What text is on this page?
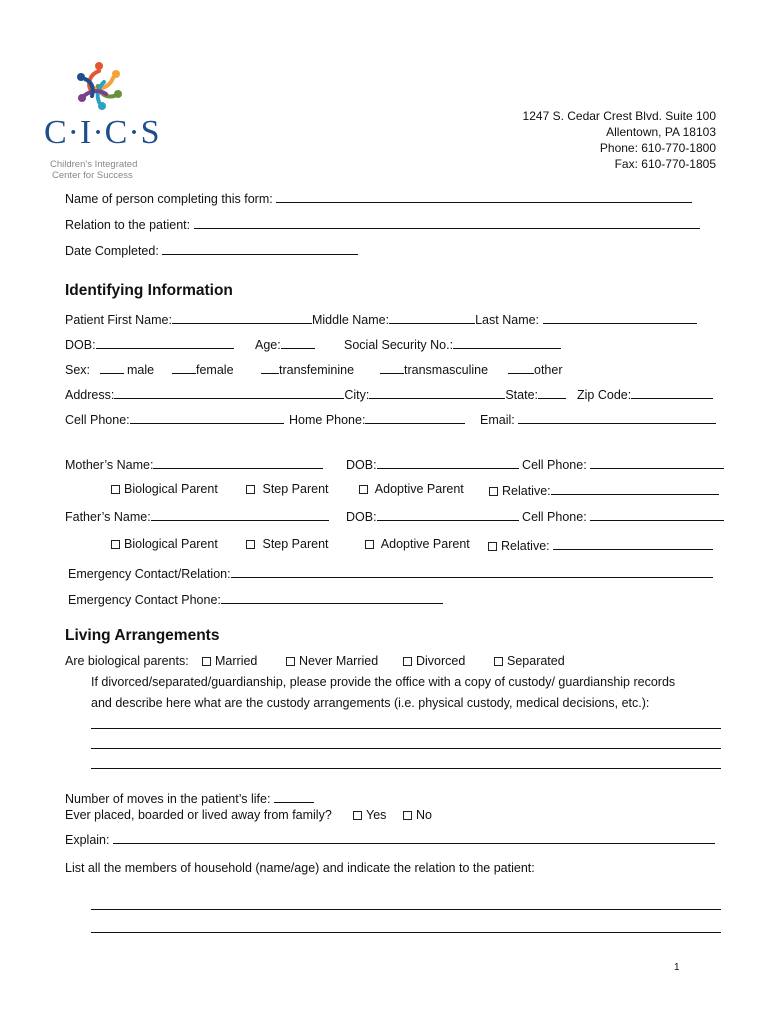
C·I·C·S
Children's Integrated
Center for Success
1247 S. Cedar Crest Blvd. Suite 100
Allentown, PA 18103
Phone: 610-770-1800
Fax: 610-770-1805
Name of person completing this form:
Relation to the patient:
Date Completed:
Identifying Information
Patient First Name:	Middle Name:	Last Name:
DOB:	Age:	Social Security No.:
Sex:	male	female	transfeminine	transmasculine	other
Address:	City:	State:	Zip Code:
Cell Phone:	Home Phone:	Email:
Mother’s Name:	DOB:	Cell Phone:
Biological Parent	Step Parent	Adoptive Parent	Relative:
Father’s Name:	DOB:	Cell Phone:
Biological Parent	Step Parent	Adoptive Parent	Relative:
Emergency Contact/Relation:
Emergency Contact Phone:
Living Arrangements
Are biological parents:	Married	Never Married	Divorced	Separated
If divorced/separated/guardianship, please provide the office with a copy of custody/ guardianship records
and describe here what are the custody arrangements (i.e. physical custody, medical decisions, etc.):
Number of moves in the patient’s life:
Ever placed, boarded or lived away from family?	Yes	No
Explain:
List all the members of household (name/age) and indicate the relation to the patient:
1
